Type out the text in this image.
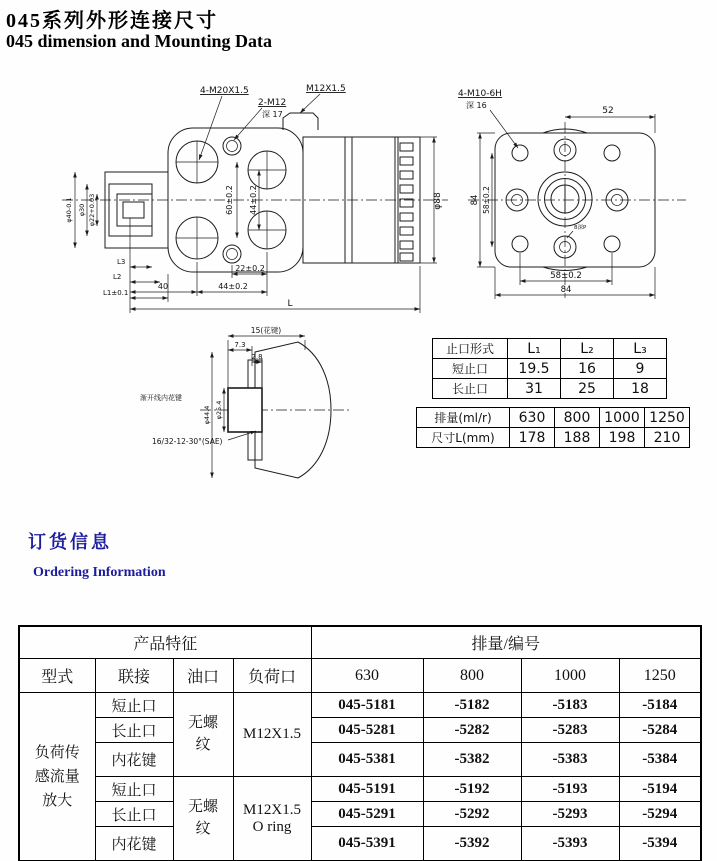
045系列外形连接尺寸
045 dimension and Mounting Data
φ40-0.1 φ30 φ22+0.03	60±0.2 44±0.2	φ88
4-M20X1.5
2-M12
深 17
M12X1.5
22±0.2
44±0.2
40
L3
L2
L1±0.1
L
52
84 58±0.2
58±0.2
84
4-M10-6H
深 16
8深P
15(花键)
7.3
2.8
φ44.4 φ25.4
渐开线内花键
16/32-12-30°(SAE)
止口形式	L₁	L₂	L₃
短止口	19.5	16	9
长止口	31	25	18
排量(ml/r)	630	800	1000	1250
尺寸L(mm)	178	188	198	210
订货信息
Ordering Information
产品特征				排量/编号			
型式	联接	油口	负荷口	630	800	1000	1250
负荷传感流量放大	短止口	无螺纹	M12X1.5	045-5181	-5182	-5183	-5184
	长止口			045-5281	-5282	-5283	-5284
	内花键			045-5381	-5382	-5383	-5384
	短止口	无螺纹	M12X1.5 O ring	045-5191	-5192	-5193	-5194
	长止口			045-5291	-5292	-5293	-5294
	内花键			045-5391	-5392	-5393	-5394
